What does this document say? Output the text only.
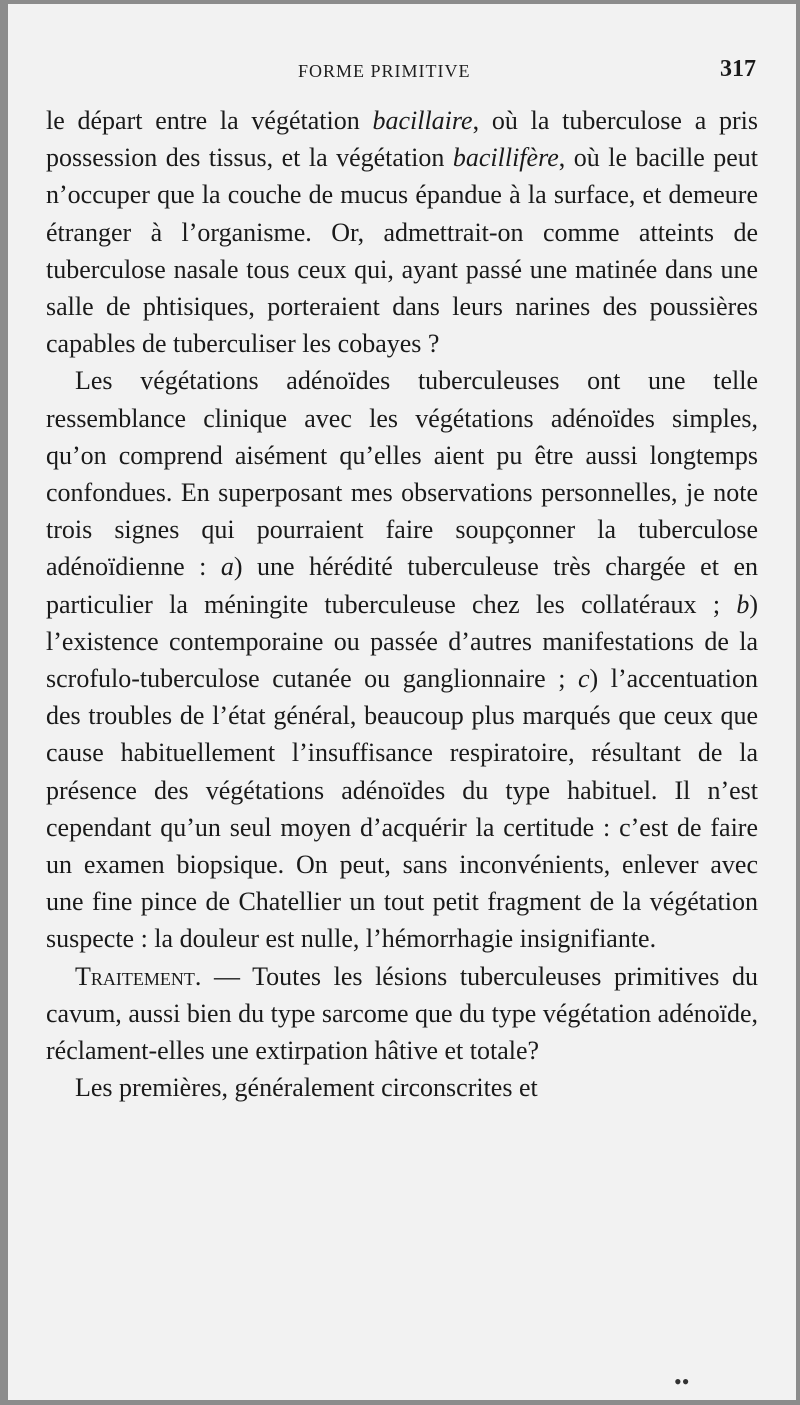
FORME PRIMITIVE	317

le départ entre la végétation bacillaire, où la tuberculose a pris possession des tissus, et la végétation bacillifère, où le bacille peut n’occuper que la couche de mucus épandue à la surface, et demeure étranger à l’organisme. Or, admettrait-on comme atteints de tuberculose nasale tous ceux qui, ayant passé une matinée dans une salle de phtisiques, porteraient dans leurs narines des poussières capables de tuberculiser les cobayes ?

Les végétations adénoïdes tuberculeuses ont une telle ressemblance clinique avec les végétations adénoïdes simples, qu’on comprend aisément qu’elles aient pu être aussi longtemps confondues. En superposant mes observations personnelles, je note trois signes qui pourraient faire soupçonner la tuberculose adénoïdienne : a) une hérédité tuberculeuse très chargée et en particulier la méningite tuberculeuse chez les collatéraux ; b) l’existence contemporaine ou passée d’autres manifestations de la scrofulo-tuberculose cutanée ou ganglionnaire ; c) l’accentuation des troubles de l’état général, beaucoup plus marqués que ceux que cause habituellement l’insuffisance respiratoire, résultant de la présence des végétations adénoïdes du type habituel. Il n’est cependant qu’un seul moyen d’acquérir la certitude : c’est de faire un examen biopsique. On peut, sans inconvénients, enlever avec une fine pince de Chatellier un tout petit fragment de la végétation suspecte : la douleur est nulle, l’hémorrhagie insignifiante.

Traitement. — Toutes les lésions tuberculeuses primitives du cavum, aussi bien du type sarcome que du type végétation adénoïde, réclament-elles une extirpation hâtive et totale?

Les premières, généralement circonscrites et

••
